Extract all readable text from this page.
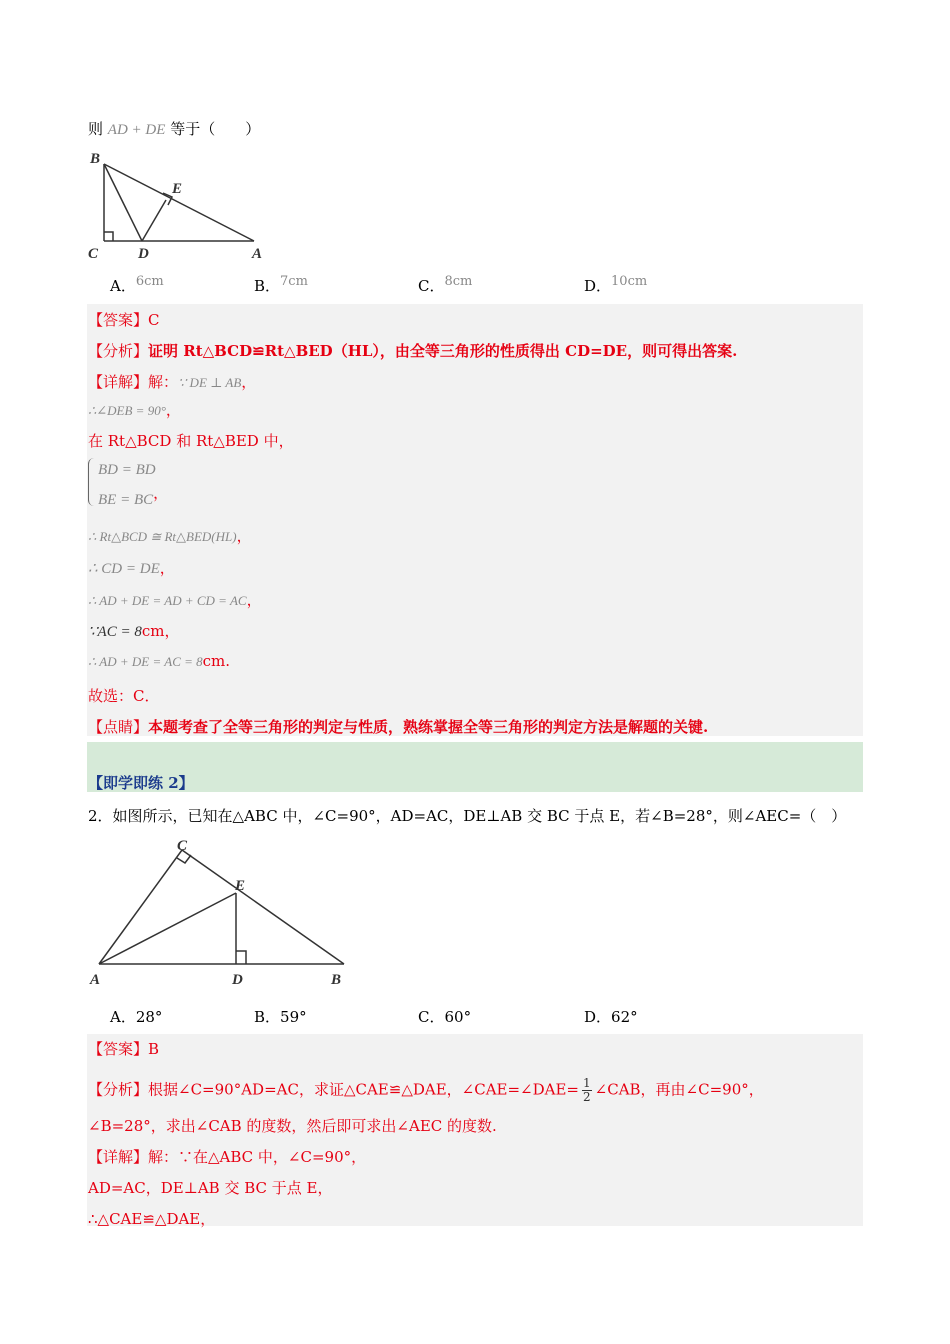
则 AD + DE 等于（　　）
B
E
C	D	A
A．6cm	B．7cm	C．8cm	D．10cm
【答案】C
【分析】证明 Rt△BCD≌Rt△BED（HL），由全等三角形的性质得出 CD=DE，则可得出答案.
【详解】解：∵ DE ⊥ AB，
∴∠DEB = 90°，
在 Rt△BCD 和 Rt△BED 中，
BD = BD
BE = BC，
∴ Rt△BCD ≅ Rt△BED(HL)，
∴ CD = DE，
∴ AD + DE = AD + CD = AC，
∵AC = 8cm，
∴ AD + DE = AC = 8cm.
故选：C．
【点睛】本题考查了全等三角形的判定与性质，熟练掌握全等三角形的判定方法是解题的关键.
【即学即练 2】
2．如图所示，已知在△ABC 中，∠C=90°，AD=AC，DE⊥AB 交 BC 于点 E，若∠B=28°，则∠AEC=（　）
C
E
A	D	B
A．28°	B．59°	C．60°	D．62°
【答案】B
【分析】根据∠C=90°AD=AC，求证△CAE≌△DAE，∠CAE=∠DAE= $\frac{1}{2}$ ∠CAB，再由∠C=90°，
∠B=28°，求出∠CAB 的度数，然后即可求出∠AEC 的度数.
【详解】解：∵在△ABC 中，∠C=90°，
AD=AC，DE⊥AB 交 BC 于点 E，
∴△CAE≌△DAE，
